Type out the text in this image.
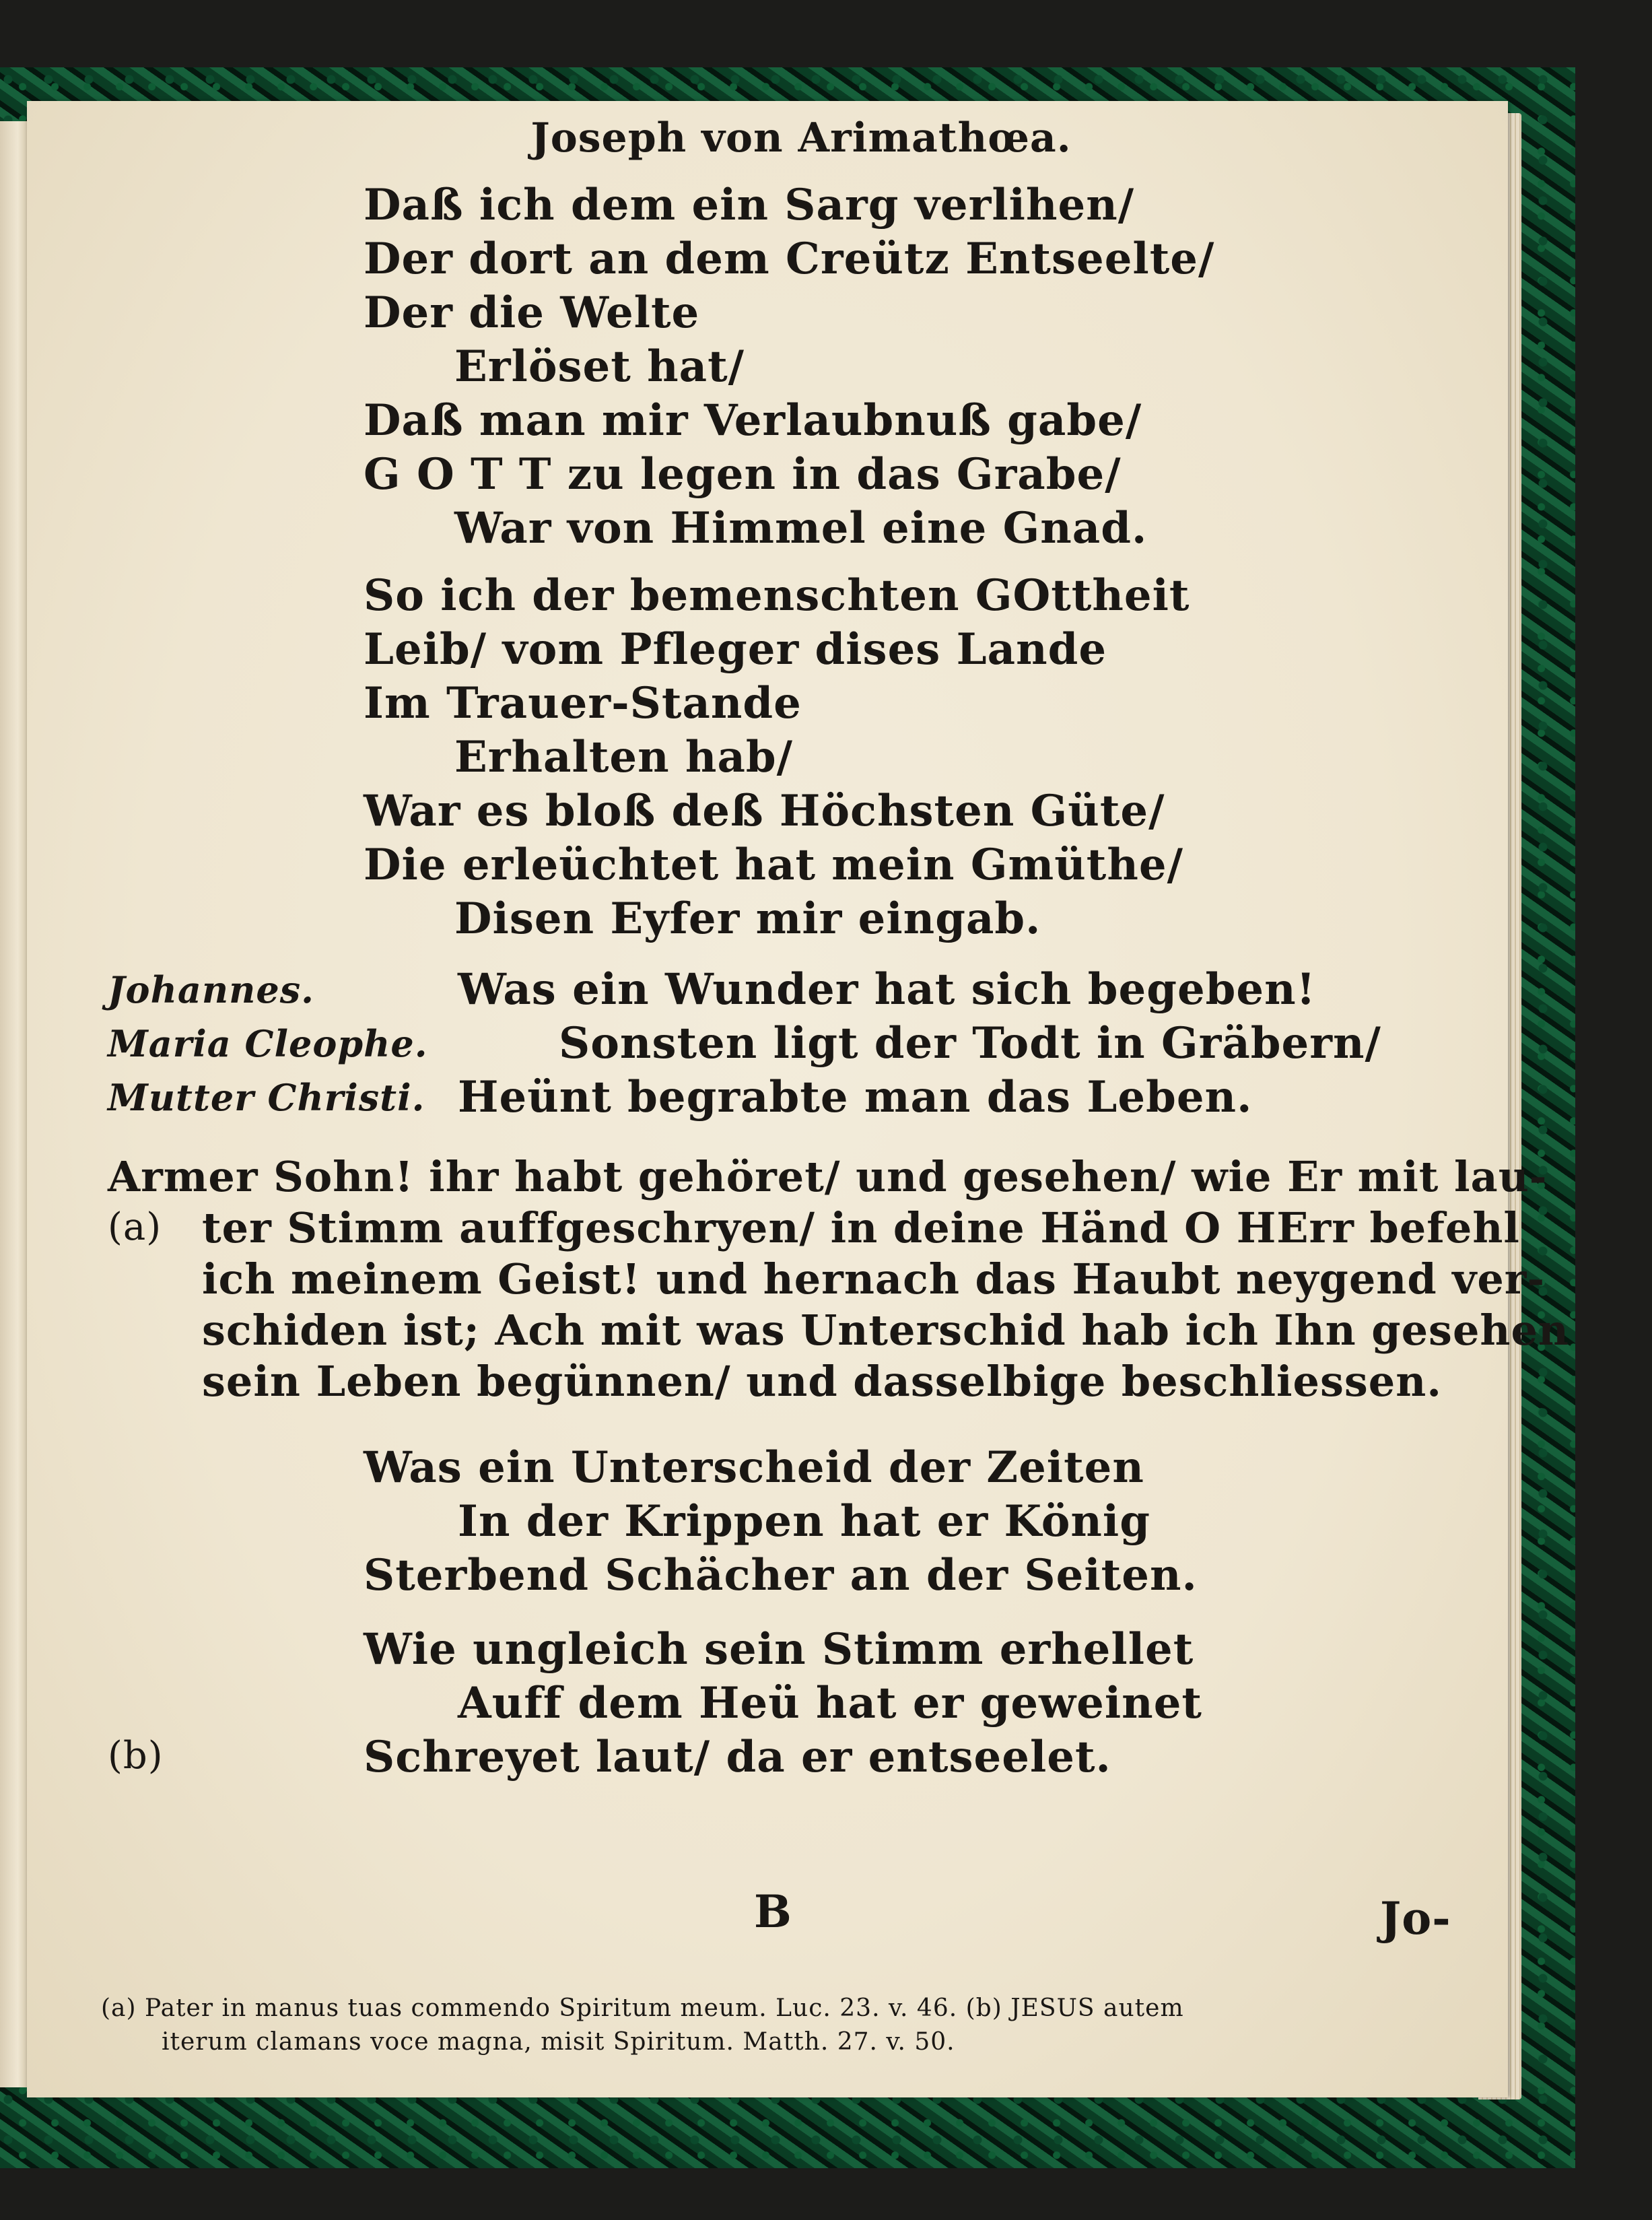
Joseph von Arimathœa.
Daß ich dem ein Sarg verlihen/
Der dort an dem Creütz Entseelte/
Der die Welte
Erlöset hat/
Daß man mir Verlaubnuß gabe/
G O T T zu legen in das Grabe/
War von Himmel eine Gnad.
So ich der bemenschten GOttheit
Leib/ vom Pfleger dises Lande
Im Trauer-Stande
Erhalten hab/
War es bloß deß Höchsten Güte/
Die erleüchtet hat mein Gmüthe/
Disen Eyfer mir eingab.
Johannes.	Was ein Wunder hat sich begeben!
Maria Cleophe.	Sonsten ligt der Todt in Gräbern/
Mutter Christi. Heünt begrabte man das Leben.
Armer Sohn! ihr habt gehöret/ und gesehen/ wie Er mit lau-
(a) ter Stimm auffgeschryen/ in deine Händ O HErr befehl
ich meinem Geist! und hernach das Haubt neygend ver-
schiden ist; Ach mit was Unterschid hab ich Ihn gesehen
sein Leben begünnen/ und dasselbige beschliessen.
Was ein Unterscheid der Zeiten
In der Krippen hat er König
Sterbend Schächer an der Seiten.
Wie ungleich sein Stimm erhellet
Auff dem Heü hat er geweinet
(b)	Schreyet laut/ da er entseelet.
B	Jo-
(a) Pater in manus tuas commendo Spiritum meum. Luc. 23. v. 46. (b) JESUS autem
iterum clamans voce magna, misit Spiritum. Matth. 27. v. 50.
